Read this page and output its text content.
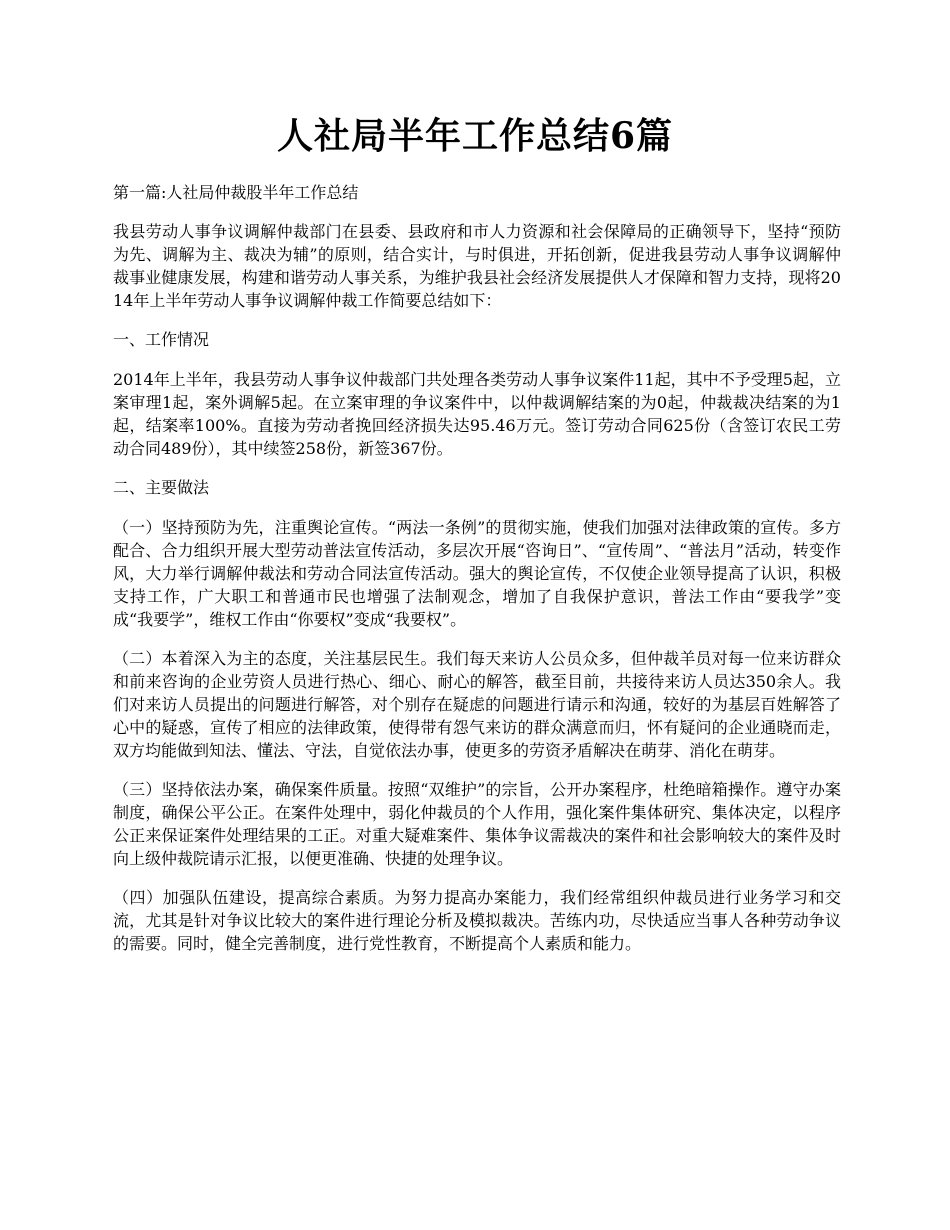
人社局半年工作总结6篇

第一篇:人社局仲裁股半年工作总结

我县劳动人事争议调解仲裁部门在县委、县政府和市人力资源和社会保障局的正确领导下，坚持“预防为先、调解为主、裁决为辅”的原则，结合实计，与时俱进，开拓创新，促进我县劳动人事争议调解仲裁事业健康发展，构建和谐劳动人事关系，为维护我县社会经济发展提供人才保障和智力支持，现将2014年上半年劳动人事争议调解仲裁工作简要总结如下：

一、工作情况

2014年上半年，我县劳动人事争议仲裁部门共处理各类劳动人事争议案件11起，其中不予受理5起，立案审理1起，案外调解5起。在立案审理的争议案件中，以仲裁调解结案的为0起，仲裁裁决结案的为1起，结案率100%。直接为劳动者挽回经济损失达95.46万元。签订劳动合同625份（含签订农民工劳动合同489份），其中续签258份，新签367份。

二、主要做法

（一）坚持预防为先，注重舆论宣传。“两法一条例”的贯彻实施，使我们加强对法律政策的宣传。多方配合、合力组织开展大型劳动普法宣传活动，多层次开展“咨询日”、“宣传周”、“普法月”活动，转变作风，大力举行调解仲裁法和劳动合同法宣传活动。强大的舆论宣传，不仅使企业领导提高了认识，积极支持工作，广大职工和普通市民也增强了法制观念，增加了自我保护意识，普法工作由“要我学”变成“我要学”，维权工作由“你要权”变成“我要权”。

（二）本着深入为主的态度，关注基层民生。我们每天来访人公员众多，但仲裁羊员对每一位来访群众和前来咨询的企业劳资人员进行热心、细心、耐心的解答，截至目前，共接待来访人员达350余人。我们对来访人员提出的问题进行解答，对个别存在疑虑的问题进行请示和沟通，较好的为基层百姓解答了心中的疑惑，宣传了相应的法律政策，使得带有怨气来访的群众满意而归，怀有疑问的企业通晓而走，双方均能做到知法、懂法、守法，自觉依法办事，使更多的劳资矛盾解决在萌芽、消化在萌芽。

（三）坚持依法办案，确保案件质量。按照“双维护”的宗旨，公开办案程序，杜绝暗箱操作。遵守办案制度，确保公平公正。在案件处理中，弱化仲裁员的个人作用，强化案件集体研究、集体决定，以程序公正来保证案件处理结果的工正。对重大疑难案件、集体争议需裁决的案件和社会影响较大的案件及时向上级仲裁院请示汇报，以便更准确、快捷的处理争议。

（四）加强队伍建设，提高综合素质。为努力提高办案能力，我们经常组织仲裁员进行业务学习和交流，尤其是针对争议比较大的案件进行理论分析及模拟裁决。苦练内功，尽快适应当事人各种劳动争议的需要。同时，健全完善制度，进行党性教育，不断提高个人素质和能力。
